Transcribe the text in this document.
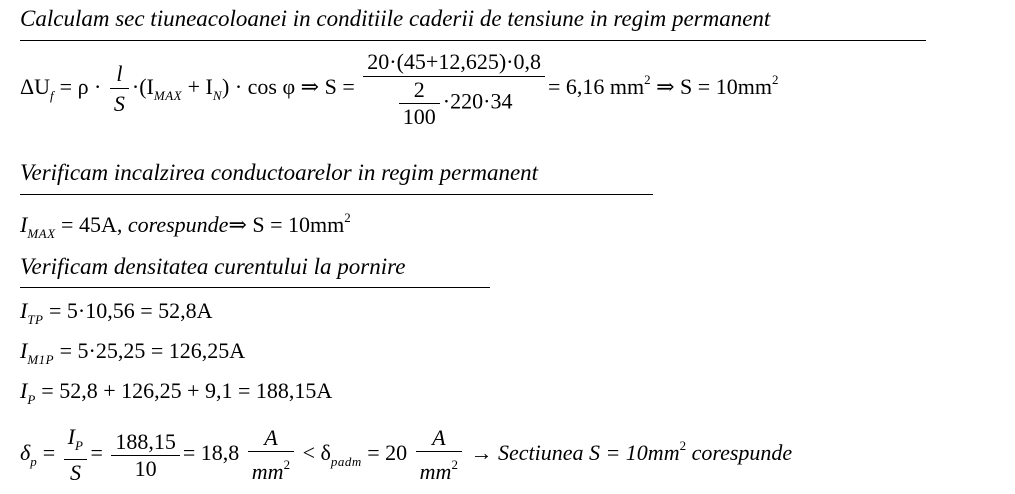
Calculam sec tiuneacoloanei in conditiile caderii de tensiune in regim permanent
$\Delta U_f = \rho \cdot \frac{l}{S} \cdot(I_{MAX} + I_N) \cdot \cos \varphi$ ⇒ $S = \frac{20\cdot(45+12,625)\cdot 0,8}{\frac{2}{100} \cdot 220\cdot 34} = 6,16$ $mm^2$ ⇒ $S = 10mm^2$
Verificam incalzirea conductoarelor in regim permanent
$I_{MAX} = 45A$, corespunde⇒ $S = 10mm^2$
Verificam densitatea curentului la pornire
$I_{TP} = 5\cdot 10,56 = 52,8A$
$I_{M1P} = 5\cdot 25,25 = 126,25A$
$I_P = 52,8 + 126,25 + 9,1 = 188,15A$
$\delta_p = \frac{I_P}{S} = \frac{188,15}{10} = 18,8 \frac{A}{mm^2} < \delta_{padm} = 20 \frac{A}{mm^2}$ → Sectiunea $S = 10mm^2$ corespunde
